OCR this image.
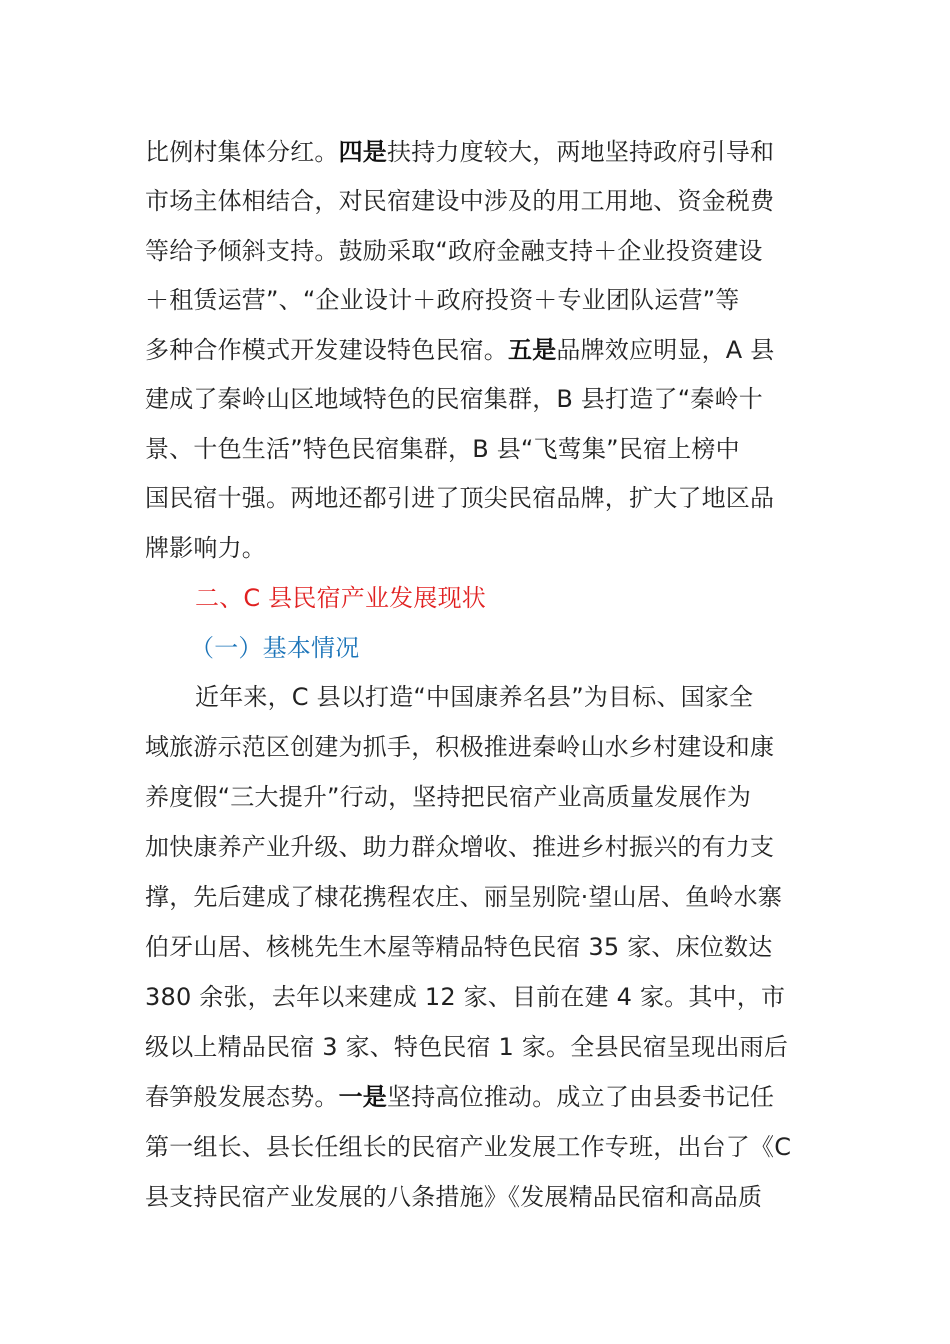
比例村集体分红。四是扶持力度较大，两地坚持政府引导和
市场主体相结合，对民宿建设中涉及的用工用地、资金税费
等给予倾斜支持。鼓励采取“政府金融支持＋企业投资建设
＋租赁运营”、“企业设计＋政府投资＋专业团队运营”等
多种合作模式开发建设特色民宿。五是品牌效应明显，A 县
建成了秦岭山区地域特色的民宿集群，B 县打造了“秦岭十
景、十色生活”特色民宿集群，B 县“飞莺集”民宿上榜中
国民宿十强。两地还都引进了顶尖民宿品牌，扩大了地区品
牌影响力。
二、C 县民宿产业发展现状
（一）基本情况
近年来，C 县以打造“中国康养名县”为目标、国家全
域旅游示范区创建为抓手，积极推进秦岭山水乡村建设和康
养度假“三大提升”行动，坚持把民宿产业高质量发展作为
加快康养产业升级、助力群众增收、推进乡村振兴的有力支
撑，先后建成了棣花携程农庄、丽呈别院·望山居、鱼岭水寨
伯牙山居、核桃先生木屋等精品特色民宿 35 家、床位数达
380 余张，去年以来建成 12 家、目前在建 4 家。其中，市
级以上精品民宿 3 家、特色民宿 1 家。全县民宿呈现出雨后
春笋般发展态势。一是坚持高位推动。成立了由县委书记任
第一组长、县长任组长的民宿产业发展工作专班，出台了《C
县支持民宿产业发展的八条措施》《发展精品民宿和高品质
